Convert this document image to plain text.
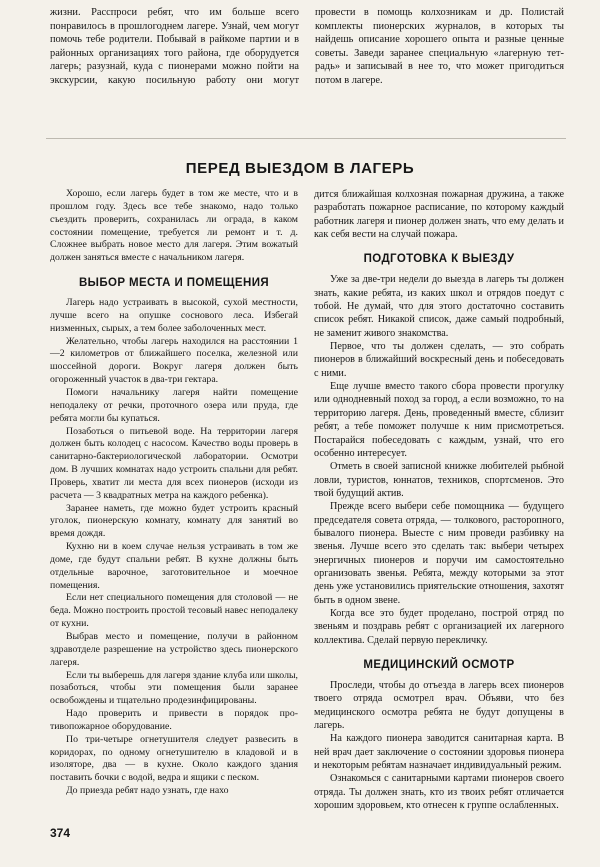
жизни. Расспроси ребят, что им больше всего понравилось в прошлогоднем лагере. Узнай, чем могут помочь тебе родители. Побывай в райкоме партии и в районных организациях того района, где оборудуется лагерь; разузнай, куда с пионерами можно пойти на экскурсии, какую посильную работу они могут провести в помощь колхозникам и др. Полистай комплекты пионерских журналов, в которых ты найдешь описание хорошего опыта и разные ценные советы. Заведи заранее специальную «лагерную тетрадь» и записывай в нее то, что может пригодиться потом в лагере.

ПЕРЕД ВЫЕЗДОМ В ЛАГЕРЬ

Хорошо, если лагерь будет в том же месте, что и в прошлом году. Здесь все тебе знакомо, надо только съездить проверить, сохранилась ли ограда, в каком состоянии помещение, требуется ли ремонт и т. д. Сложнее выбрать новое место для лагеря. Этим вожатый должен заняться вместе с начальником лагеря.

ВЫБОР МЕСТА И ПОМЕЩЕНИЯ

Лагерь надо устраивать в высокой, сухой местности, лучше всего на опушке соснового леса. Избегай низменных, сырых, а тем более заболоченных мест.

Желательно, чтобы лагерь находился на расстоянии 1—2 километров от ближайшего поселка, железной или шоссейной дороги. Вокруг лагеря должен быть огороженный участок в два-три гектара.

Помоги начальнику лагеря найти помещение неподалеку от речки, проточного озера или пруда, где ребята могли бы купаться.

Позаботься о питьевой воде. На территории лагеря должен быть колодец с насосом. Качество воды проверь в санитарно-бактериологической лаборатории. Осмотри дом. В лучших комнатах надо устроить спальни для ребят. Проверь, хватит ли места для всех пионеров (исходи из расчета — 3 квадратных метра на каждого ребенка).

Заранее наметь, где можно будет устроить красный уголок, пионерскую комнату, комнату для занятий во время дождя.

Кухню ни в коем случае нельзя устраивать в том же доме, где будут спальни ребят. В кухне должны быть отдельные варочное, заготовительное и моечное помещения.

Если нет специального помещения для столовой — не беда. Можно построить простой тесовый навес неподалеку от кухни.

Выбрав место и помещение, получи в районном здравотделе разрешение на устройство здесь пионерского лагеря.

Если ты выберешь для лагеря здание клуба или школы, позаботься, чтобы эти помещения были заранее освобождены и тщательно продезинфицированы.

Надо проверить и привести в порядок противопожарное оборудование.

По три-четыре огнетушителя следует развесить в коридорах, по одному огнетушителю в кладовой и в изоляторе, два — в кухне. Около каждого здания поставить бочки с водой, ведра и ящики с песком.

До приезда ребят надо узнать, где нахо

дится ближайшая колхозная пожарная дружина, а также разработать пожарное расписание, по которому каждый работник лагеря и пионер должен знать, что ему делать и как себя вести на случай пожара.

ПОДГОТОВКА К ВЫЕЗДУ

Уже за две-три недели до выезда в лагерь ты должен знать, какие ребята, из каких школ и отрядов поедут с тобой. Не думай, что для этого достаточно составить список ребят. Никакой список, даже самый подробный, не заменит живого знакомства.

Первое, что ты должен сделать, — это собрать пионеров в ближайший воскресный день и побеседовать с ними.

Еще лучше вместо такого сбора провести прогулку или однодневный поход за город, а если возможно, то на территорию лагеря. День, проведенный вместе, сблизит ребят, а тебе поможет получше к ним присмотреться. Постарайся побеседовать с каждым, узнай, что его особенно интересует.

Отметь в своей записной книжке любителей рыбной ловли, туристов, юннатов, техников, спортсменов. Это твой будущий актив.

Прежде всего выбери себе помощника — будущего председателя совета отряда, — толкового, расторопного, бывалого пионера. Выесте с ним проведи разбивку на звенья. Лучше всего это сделать так: выбери четырех энергичных пионеров и поручи им самостоятельно организовать звенья. Ребята, между которыми за этот день уже установились приятельские отношения, захотят быть в одном звене.

Когда все это будет проделано, построй отряд по звеньям и поздравь ребят с организацией их лагерного коллектива. Сделай первую перекличку.

МЕДИЦИНСКИЙ ОСМОТР

Проследи, чтобы до отъезда в лагерь всех пионеров твоего отряда осмотрел врач. Объяви, что без медицинского осмотра ребята не будут допущены в лагерь.

На каждого пионера заводится санитарная карта. В ней врач дает заключение о состоянии здоровья пионера и некоторым ребятам назначает индивидуальный режим.

Ознакомься с санитарными картами пионеров своего отряда. Ты должен знать, кто из твоих ребят отличается хорошим здоровьем, кто отнесен к группе ослабленных.

374
